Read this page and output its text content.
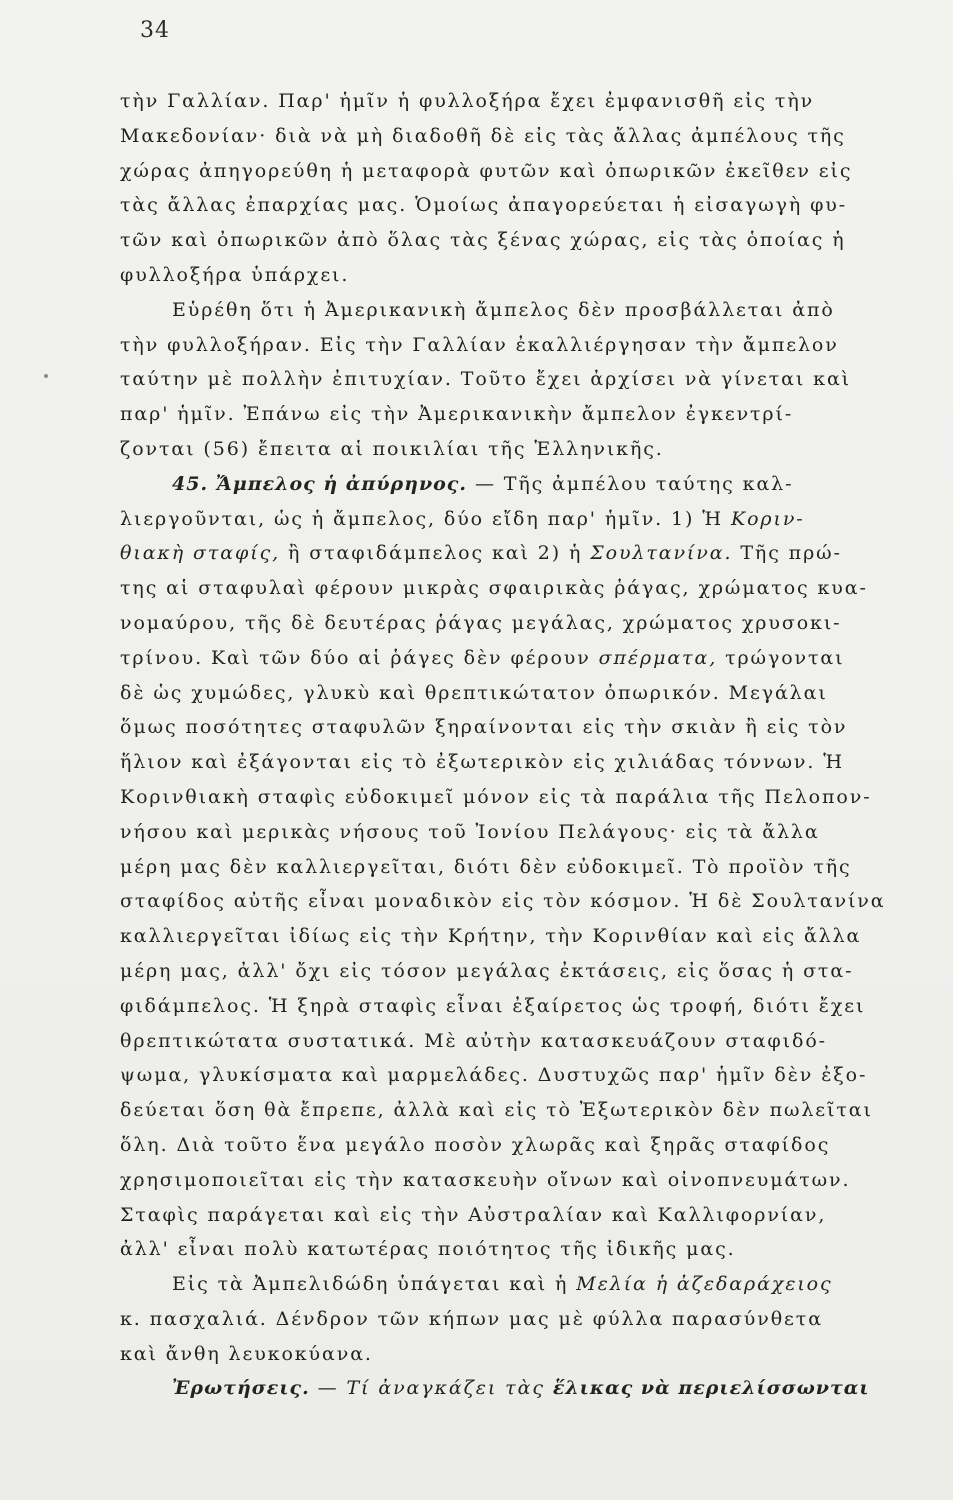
34
τὴν Γαλλίαν. Παρ' ἡμῖν ἡ φυλλοξήρα ἔχει ἐμφανισθῆ εἰς τὴν
Μακεδονίαν· διὰ νὰ μὴ διαδοθῆ δὲ εἰς τὰς ἄλλας ἀμπέλους τῆς
χώρας ἀπηγορεύθη ἡ μεταφορὰ φυτῶν καὶ ὀπωρικῶν ἐκεῖθεν εἰς
τὰς ἄλλας ἐπαρχίας μας. Ὁμοίως ἀπαγορεύεται ἡ εἰσαγωγὴ φυ-
τῶν καὶ ὀπωρικῶν ἀπὸ ὅλας τὰς ξένας χώρας, εἰς τὰς ὁποίας ἡ
φυλλοξήρα ὑπάρχει.
Εὑρέθη ὅτι ἡ Ἀμερικανικὴ ἄμπελος δὲν προσβάλλεται ἀπὸ
τὴν φυλλοξήραν. Εἰς τὴν Γαλλίαν ἐκαλλιέργησαν τὴν ἄμπελον
ταύτην μὲ πολλὴν ἐπιτυχίαν. Τοῦτο ἔχει ἀρχίσει νὰ γίνεται καὶ
παρ' ἡμῖν. Ἐπάνω εἰς τὴν Ἀμερικανικὴν ἄμπελον ἐγκεντρί-
ζονται (56) ἔπειτα αἱ ποικιλίαι τῆς Ἑλληνικῆς.
45. Ἄμπελος ἡ ἀπύρηνος. — Τῆς ἀμπέλου ταύτης καλ-
λιεργοῦνται, ὡς ἡ ἄμπελος, δύο εἴδη παρ' ἡμῖν. 1) Ἡ Κοριν-
θιακὴ σταφίς, ἢ σταφιδάμπελος καὶ 2) ἡ Σουλτανίνα. Τῆς πρώ-
της αἱ σταφυλαὶ φέρουν μικρὰς σφαιρικὰς ῥάγας, χρώματος κυα-
νομαύρου, τῆς δὲ δευτέρας ῥάγας μεγάλας, χρώματος χρυσοκι-
τρίνου. Καὶ τῶν δύο αἱ ῥάγες δὲν φέρουν σπέρματα, τρώγονται
δὲ ὡς χυμώδες, γλυκὺ καὶ θρεπτικώτατον ὀπωρικόν. Μεγάλαι
ὅμως ποσότητες σταφυλῶν ξηραίνονται εἰς τὴν σκιὰν ἢ εἰς τὸν
ἥλιον καὶ ἐξάγονται εἰς τὸ ἐξωτερικὸν εἰς χιλιάδας τόννων. Ἡ
Κορινθιακὴ σταφὶς εὐδοκιμεῖ μόνον εἰς τὰ παράλια τῆς Πελοπον-
νήσου καὶ μερικὰς νήσους τοῦ Ἰονίου Πελάγους· εἰς τὰ ἄλλα
μέρη μας δὲν καλλιεργεῖται, διότι δὲν εὐδοκιμεῖ. Τὸ προϊὸν τῆς
σταφίδος αὐτῆς εἶναι μοναδικὸν εἰς τὸν κόσμον. Ἡ δὲ Σουλτανίνα
καλλιεργεῖται ἰδίως εἰς τὴν Κρήτην, τὴν Κορινθίαν καὶ εἰς ἄλλα
μέρη μας, ἀλλ' ὄχι εἰς τόσον μεγάλας ἐκτάσεις, εἰς ὅσας ἡ στα-
φιδάμπελος. Ἡ ξηρὰ σταφὶς εἶναι ἐξαίρετος ὡς τροφή, διότι ἔχει
θρεπτικώτατα συστατικά. Μὲ αὐτὴν κατασκευάζουν σταφιδό-
ψωμα, γλυκίσματα καὶ μαρμελάδες. Δυστυχῶς παρ' ἡμῖν δὲν ἐξο-
δεύεται ὅση θὰ ἔπρεπε, ἀλλὰ καὶ εἰς τὸ Ἐξωτερικὸν δὲν πωλεῖται
ὅλη. Διὰ τοῦτο ἕνα μεγάλο ποσὸν χλωρᾶς καὶ ξηρᾶς σταφίδος
χρησιμοποιεῖται εἰς τὴν κατασκευὴν οἴνων καὶ οἰνοπνευμάτων.
Σταφὶς παράγεται καὶ εἰς τὴν Αὐστραλίαν καὶ Καλλιφορνίαν,
ἀλλ' εἶναι πολὺ κατωτέρας ποιότητος τῆς ἰδικῆς μας.
Εἰς τὰ Ἀμπελιδώδη ὑπάγεται καὶ ἡ Μελία ἡ ἀζεδαράχειος
κ. πασχαλιά. Δένδρον τῶν κήπων μας μὲ φύλλα παρασύνθετα
καὶ ἄνθη λευκοκύανα.
Ἐρωτήσεις. — Τί ἀναγκάζει τὰς ἕλικας νὰ περιελίσσωνται
